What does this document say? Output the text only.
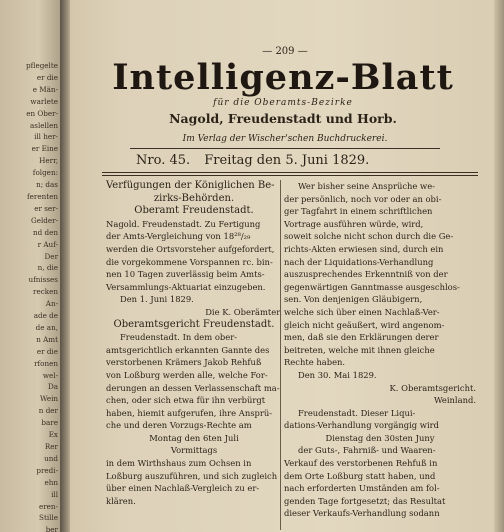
pflegelte
er die
e Män-
warlete
en Ober-
aslellen
ill her-
er Eine
Herr,
folgen:
n; das
ferenten
er ser-
Gelder-
nd den
r Auf-
Der
n, die
ufnisses
recken
An-
ade de
de an,
n Amt
er die
rfonen
wel-
Da
Wein
n der
bare
Ex
Rer
und
predi-
ehn
ill
eren-
Stille
ber
— 209 —
Intelligenz-Blatt
für die Oberamts-Bezirke
Nagold, Freudenstadt und Horb.
Im Verlag der Wischer'schen Buchdruckerei.
Nro. 45. Freitag den 5. Juni 1829.
Verfügungen der Königlichen Be-
zirks-Behörden.
Oberamt Freudenstadt.
Nagold. Freudenstadt. Zu Fertigung
der Amts-Vergleichung von 18²⁸/₂₉
werden die Ortsvorsteher aufgefordert,
die vorgekommene Vorspannen rc. bin-
nen 10 Tagen zuverlässig beim Amts-
Versammlungs-Aktuariat einzugeben.
Den 1. Juni 1829.
Die K. Oberämter.
Oberamtsgericht Freudenstadt.
Freudenstadt. In dem ober-
amtsgerichtlich erkannten Gannte des
verstorbenen Krämers Jakob Rehfuß
von Loßburg werden alle, welche For-
derungen an dessen Verlassenschaft ma-
chen, oder sich etwa für ihn verbürgt
haben, hiemit aufgerufen, ihre Ansprü-
che und deren Vorzugs-Rechte am
Montag den 6ten Juli
Vormittags
in dem Wirthshaus zum Ochsen in
Loßburg auszuführen, und sich zugleich
über einen Nachlaß-Vergleich zu er-
klären.
Wer bisher seine Ansprüche we-
der persönlich, noch vor oder an obi-
ger Tagfahrt in einem schriftlichen
Vortrage ausführen würde, wird,
soweit solche nicht schon durch die Ge-
richts-Akten erwiesen sind, durch ein
nach der Liquidations-Verhandlung
auszusprechendes Erkenntniß von der
gegenwärtigen Ganntmasse ausgeschlos-
sen. Von denjenigen Gläubigern,
welche sich über einen Nachlaß-Ver-
gleich nicht geäußert, wird angenom-
men, daß sie den Erklärungen derer
beitreten, welche mit ihnen gleiche
Rechte haben.
Den 30. Mai 1829.
K. Oberamtsgericht.
Weinland.
Freudenstadt. Dieser Liqui-
dations-Verhandlung vorgängig wird
Dienstag den 30sten Juny
der Guts-, Fahrniß- und Waaren-
Verkauf des verstorbenen Rehfuß in
dem Orte Loßburg statt haben, und
nach erforderten Umständen am fol-
genden Tage fortgesetzt; das Resultat
dieser Verkaufs-Verhandlung sodann
